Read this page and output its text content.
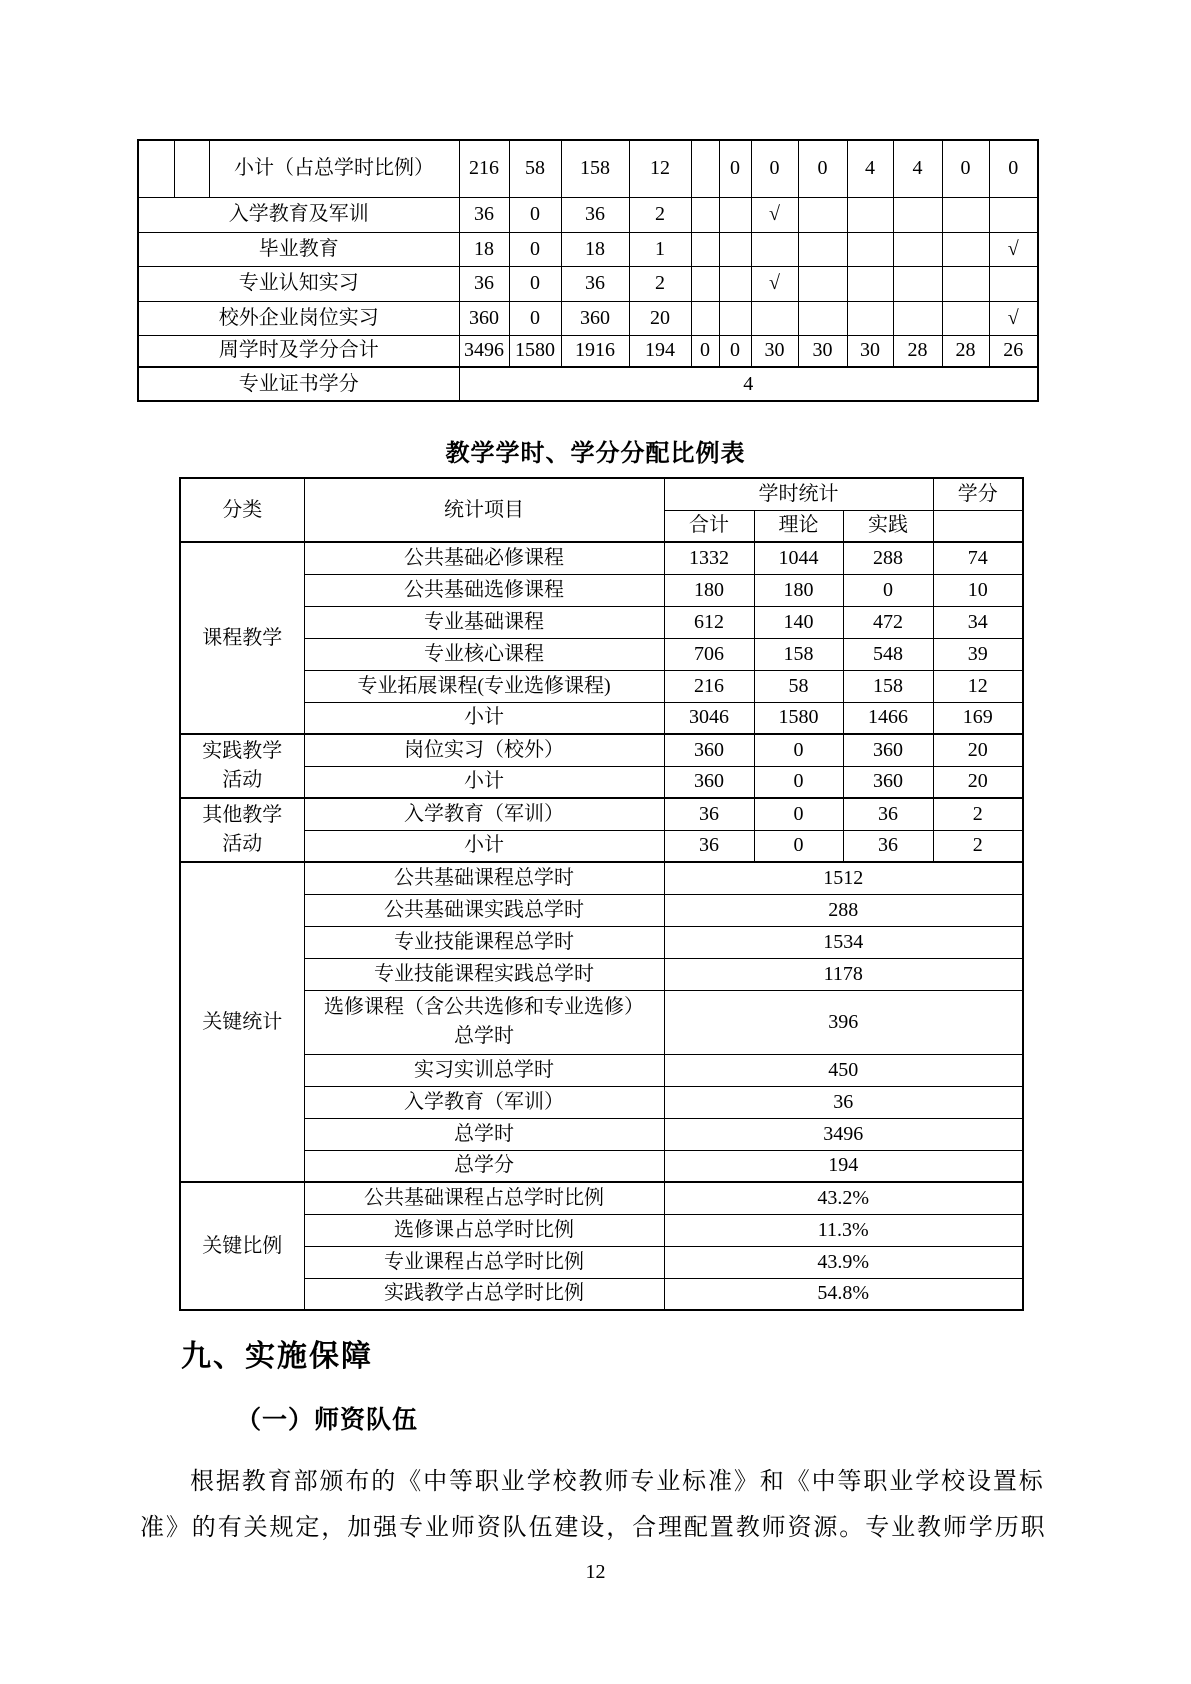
		小计（占总学时比例）	216	58	158	12		0	0	0	4	4	0	0
入学教育及军训			36	0	36	2			√					
毕业教育			18	0	18	1								√
专业认知实习			36	0	36	2			√					
校外企业岗位实习			360	0	360	20								√
周学时及学分合计			3496	1580	1916	194	0	0	30	30	30	28	28	26
专业证书学分			4											
教学学时、学分分配比例表
分类	统计项目	学时统计			学分
		合计	理论	实践	
课程教学	公共基础必修课程	1332	1044	288	74
	公共基础选修课程	180	180	0	10
	专业基础课程	612	140	472	34
	专业核心课程	706	158	548	39
	专业拓展课程(专业选修课程)	216	58	158	12
	小计	3046	1580	1466	169

实践教学
活动	岗位实习（校外）	360	0	360	20
	小计	360	0	360	20

其他教学
活动	入学教育（军训）	36	0	36	2
	小计	36	0	36	2
关键统计	公共基础课程总学时	1512			
	公共基础课实践总学时	288			
	专业技能课程总学时	1534			
	专业技能课程实践总学时	1178			

	选修课程（含公共选修和专业选修）
总学时	396			
	实习实训总学时	450			
	入学教育（军训）	36			
	总学时	3496			
	总学分	194			
关键比例	公共基础课程占总学时比例	43.2%			
	选修课占总学时比例	11.3%			
	专业课程占总学时比例	43.9%			
	实践教学占总学时比例	54.8%			
九、实施保障
（一）师资队伍
根据教育部颁布的《中等职业学校教师专业标准》和《中等职业学校设置标
准》的有关规定，加强专业师资队伍建设，合理配置教师资源。专业教师学历职
12
